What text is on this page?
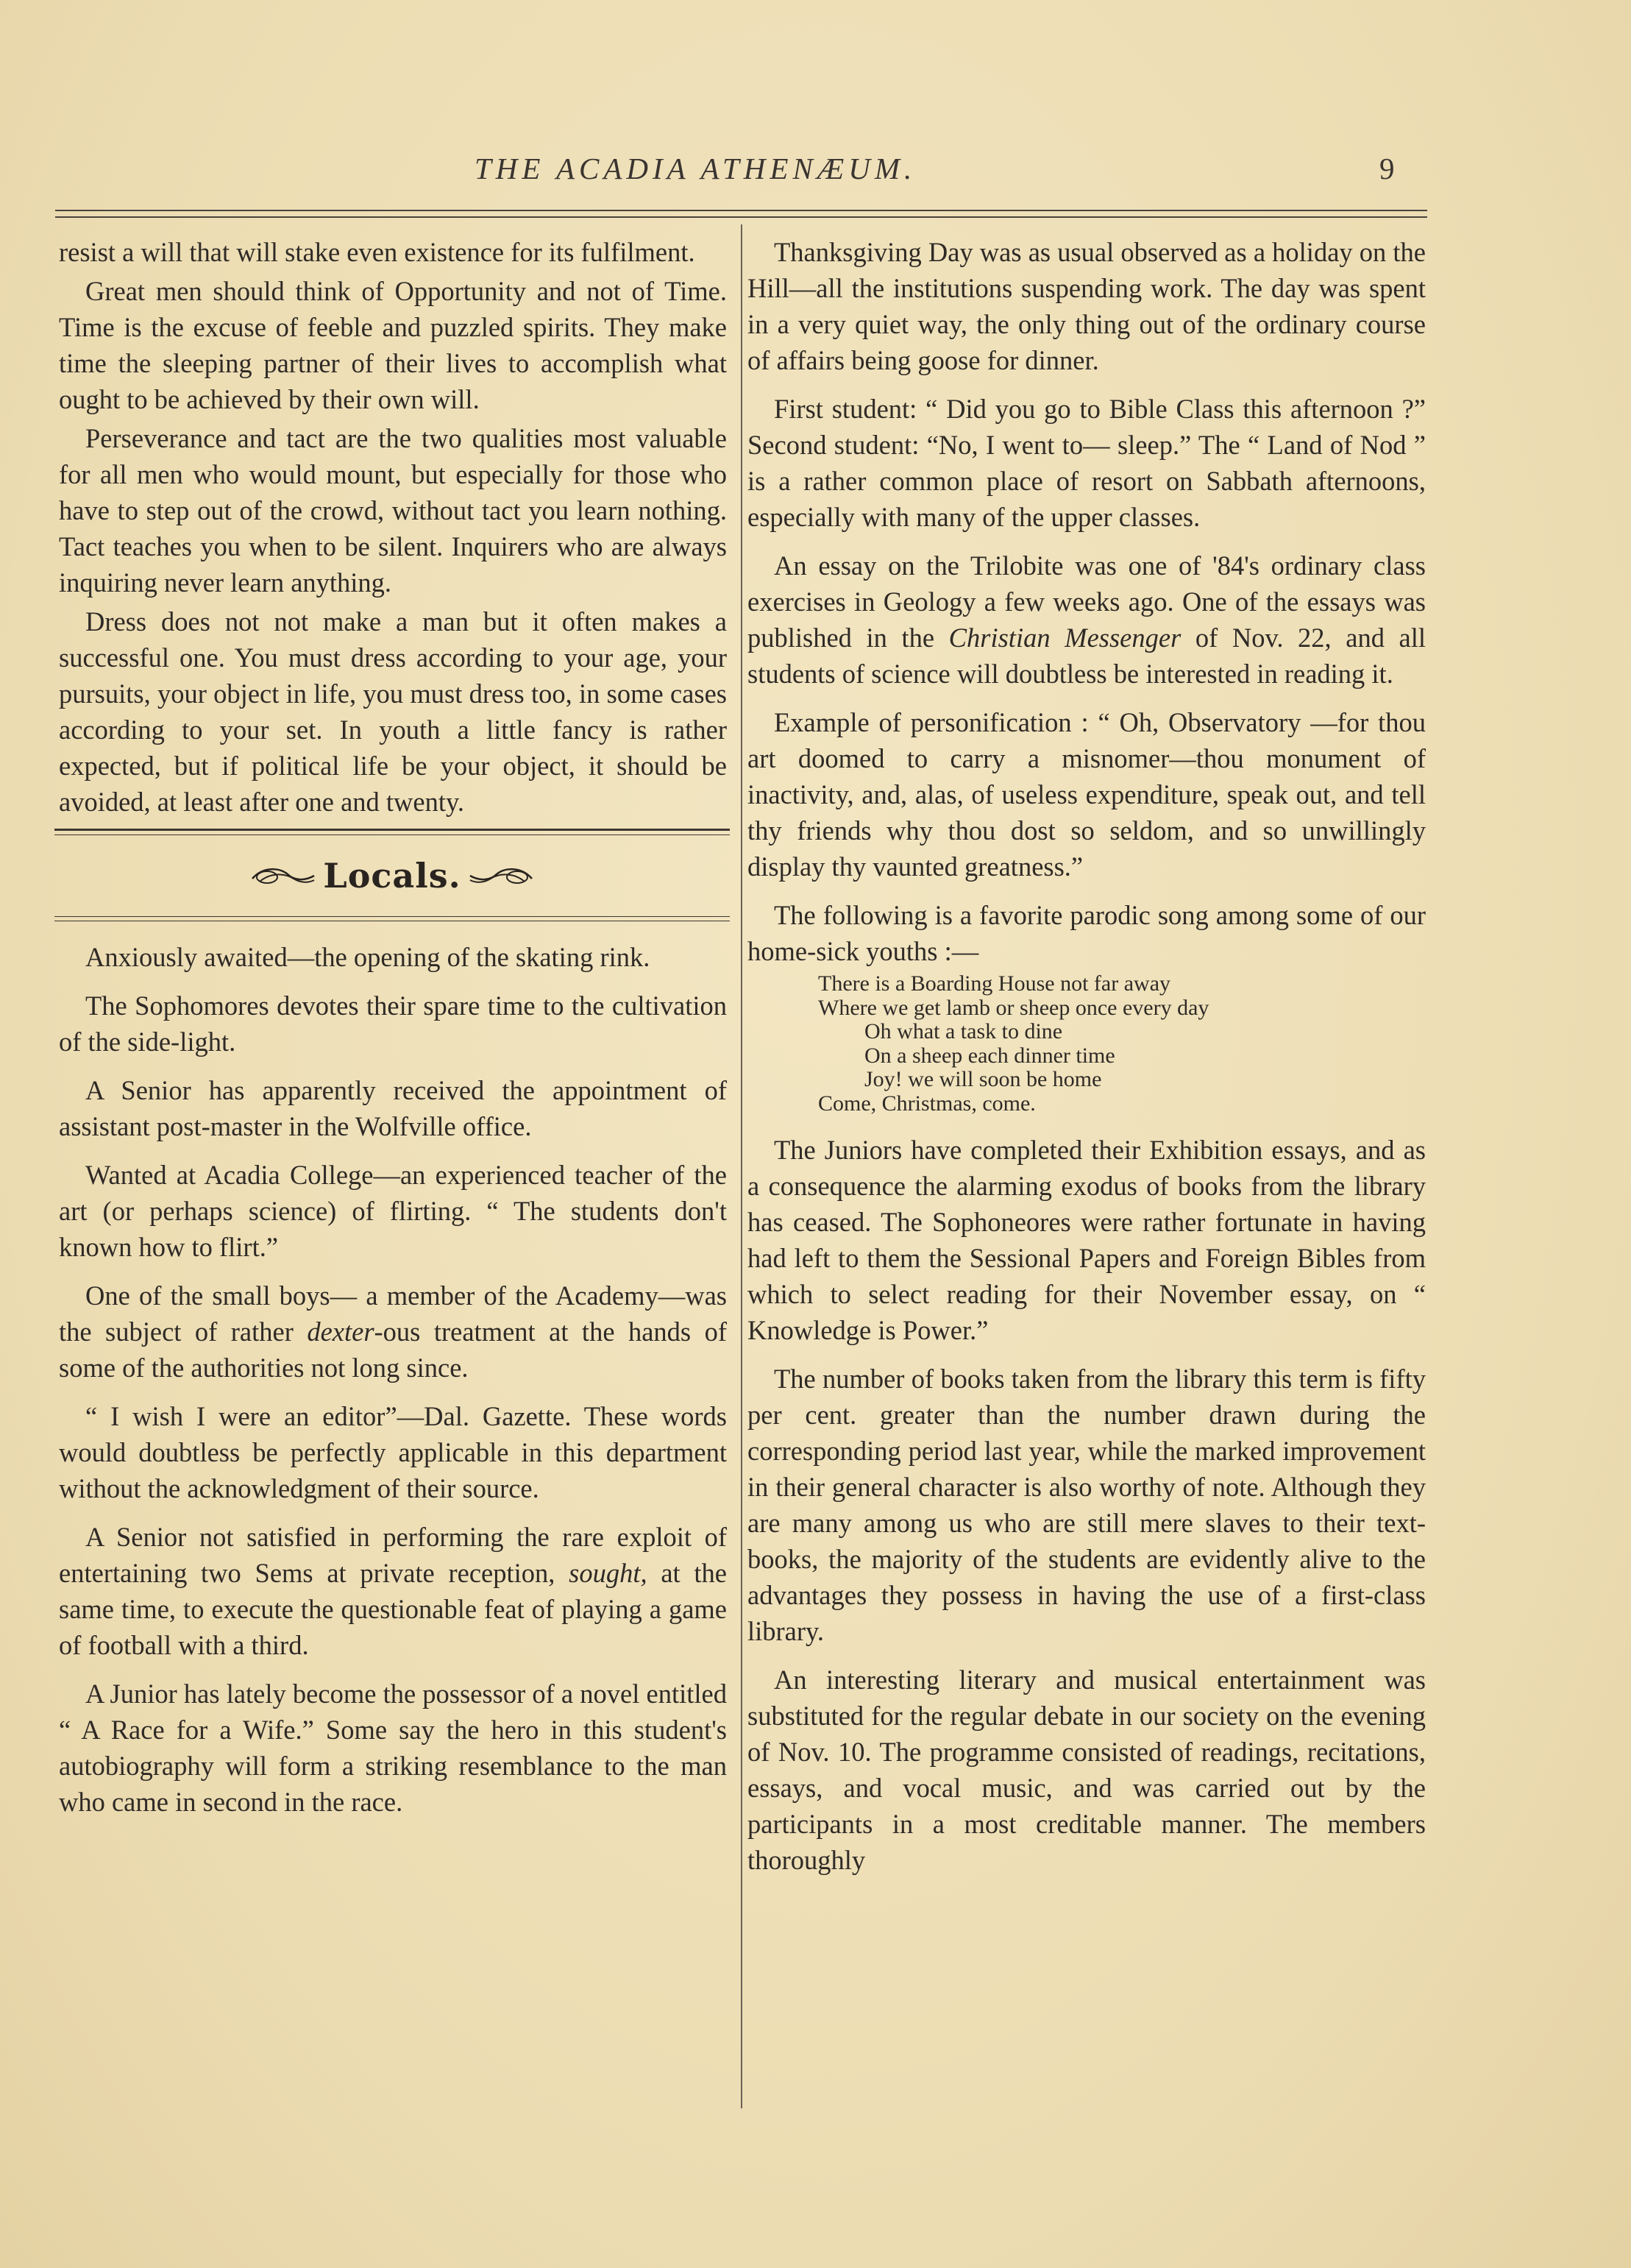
THE ACADIA ATHENÆUM.	9

resist a will that will stake even existence for its fulfilment.

Great men should think of Opportunity and not of Time. Time is the excuse of feeble and puzzled spirits. They make time the sleeping partner of their lives to accomplish what ought to be achieved by their own will.

Perseverance and tact are the two qualities most valuable for all men who would mount, but especially for those who have to step out of the crowd, without tact you learn nothing. Tact teaches you when to be silent. Inquirers who are always inquiring never learn anything.

Dress does not not make a man but it often makes a successful one. You must dress according to your age, your pursuits, your object in life, you must dress too, in some cases according to your set. In youth a little fancy is rather expected, but if political life be your object, it should be avoided, at least after one and twenty.

Locals.

Anxiously awaited—the opening of the skating rink.

The Sophomores devotes their spare time to the cultivation of the side-light.

A Senior has apparently received the appointment of assistant post-master in the Wolfville office.

Wanted at Acadia College—an experienced teacher of the art (or perhaps science) of flirting. “ The students don't known how to flirt.”

One of the small boys— a member of the Academy—was the subject of rather dexter-ous treatment at the hands of some of the authorities not long since.

“ I wish I were an editor”—Dal. Gazette. These words would doubtless be perfectly applicable in this department without the acknowledgment of their source.

A Senior not satisfied in performing the rare exploit of entertaining two Sems at private reception, sought, at the same time, to execute the questionable feat of playing a game of football with a third.

A Junior has lately become the possessor of a novel entitled “ A Race for a Wife.” Some say the hero in this student's autobiography will form a striking resemblance to the man who came in second in the race.

Thanksgiving Day was as usual observed as a holiday on the Hill—all the institutions suspending work. The day was spent in a very quiet way, the only thing out of the ordinary course of affairs being goose for dinner.

First student: “ Did you go to Bible Class this afternoon ?” Second student: “No, I went to— sleep.” The “ Land of Nod ” is a rather common place of resort on Sabbath afternoons, especially with many of the upper classes.

An essay on the Trilobite was one of '84's ordinary class exercises in Geology a few weeks ago. One of the essays was published in the Christian Messenger of Nov. 22, and all students of science will doubtless be interested in reading it.

Example of personification : “ Oh, Observatory —for thou art doomed to carry a misnomer—thou monument of inactivity, and, alas, of useless expenditure, speak out, and tell thy friends why thou dost so seldom, and so unwillingly display thy vaunted greatness.”

The following is a favorite parodic song among some of our home-sick youths :—

There is a Boarding House not far away
Where we get lamb or sheep once every day
Oh what a task to dine
On a sheep each dinner time
Joy! we will soon be home
Come, Christmas, come.

The Juniors have completed their Exhibition essays, and as a consequence the alarming exodus of books from the library has ceased. The Sophoneores were rather fortunate in having had left to them the Sessional Papers and Foreign Bibles from which to select reading for their November essay, on “ Knowledge is Power.”

The number of books taken from the library this term is fifty per cent. greater than the number drawn during the corresponding period last year, while the marked improvement in their general character is also worthy of note. Although they are many among us who are still mere slaves to their text-books, the majority of the students are evidently alive to the advantages they possess in having the use of a first-class library.

An interesting literary and musical entertainment was substituted for the regular debate in our society on the evening of Nov. 10. The programme consisted of readings, recitations, essays, and vocal music, and was carried out by the participants in a most creditable manner. The members thoroughly
